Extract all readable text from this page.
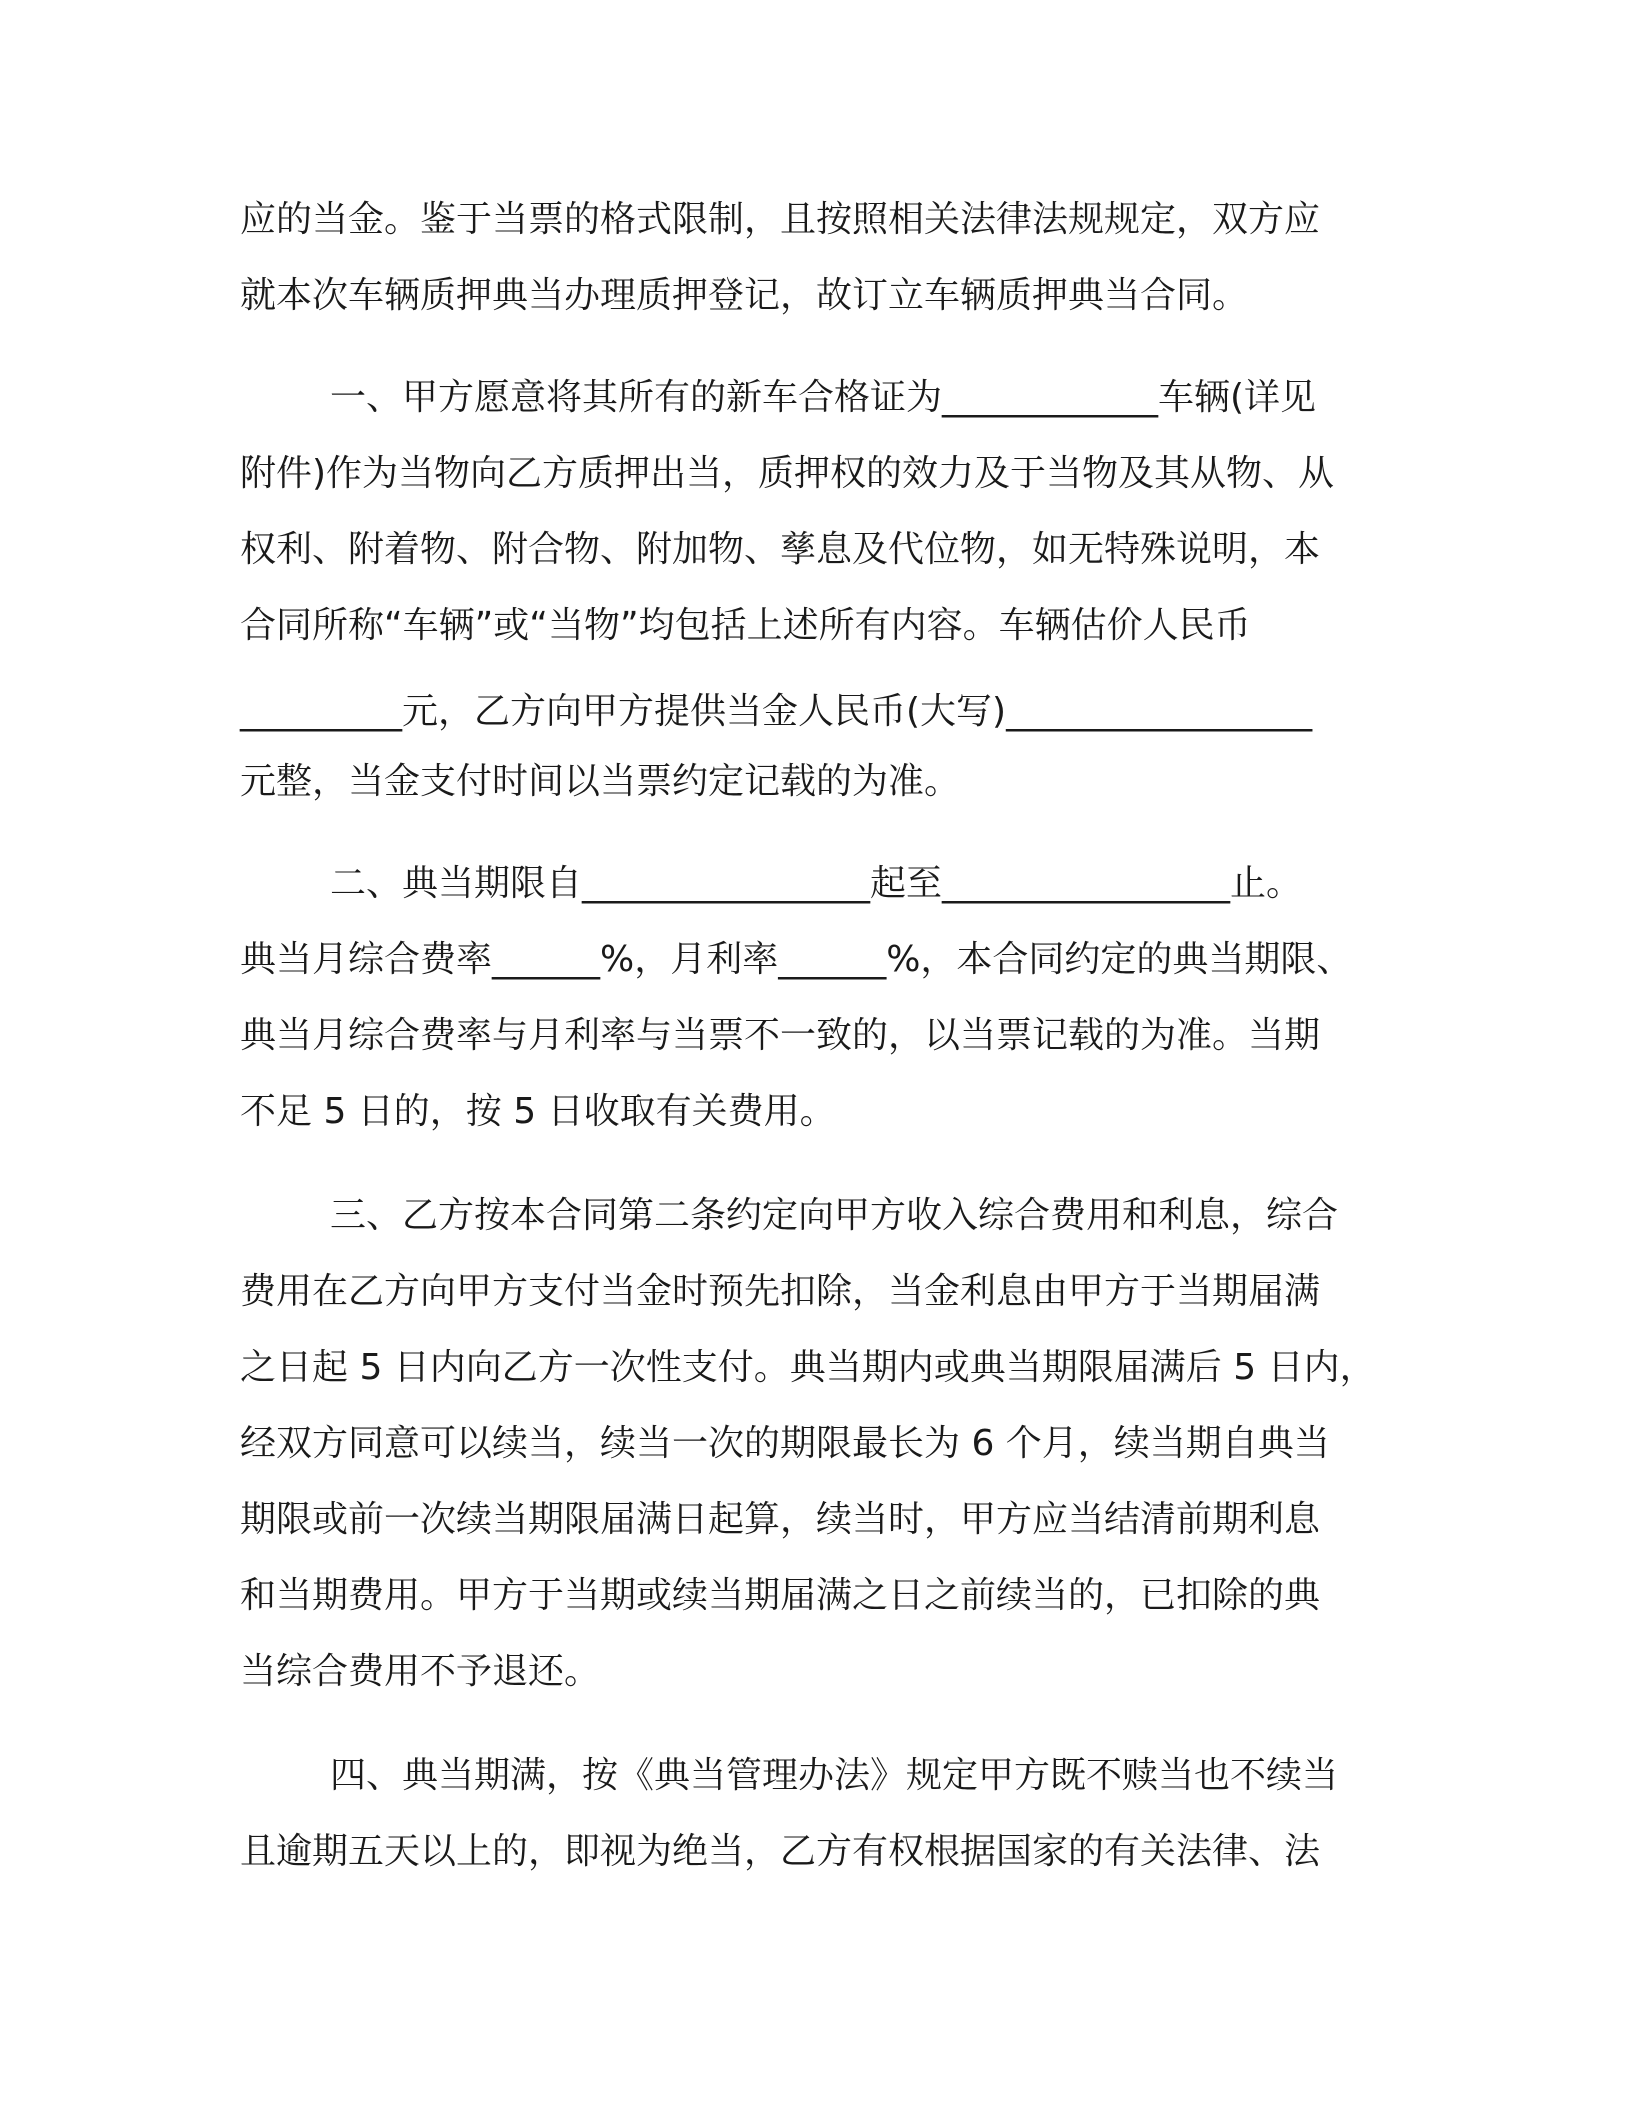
应的当金。鉴于当票的格式限制，且按照相关法律法规规定，双方应
就本次车辆质押典当办理质押登记，故订立车辆质押典当合同。
一、甲方愿意将其所有的新车合格证为____________车辆(详见
附件)作为当物向乙方质押出当，质押权的效力及于当物及其从物、从
权利、附着物、附合物、附加物、孳息及代位物，如无特殊说明，本
合同所称“车辆”或“当物”均包括上述所有内容。车辆估价人民币
_________元，乙方向甲方提供当金人民币(大写)_________________
元整，当金支付时间以当票约定记载的为准。
二、典当期限自________________起至________________止。
典当月综合费率______%，月利率______%，本合同约定的典当期限、
典当月综合费率与月利率与当票不一致的，以当票记载的为准。当期
不足 5 日的，按 5 日收取有关费用。
三、乙方按本合同第二条约定向甲方收入综合费用和利息，综合
费用在乙方向甲方支付当金时预先扣除，当金利息由甲方于当期届满
之日起 5 日内向乙方一次性支付。典当期内或典当期限届满后 5 日内，
经双方同意可以续当，续当一次的期限最长为 6 个月，续当期自典当
期限或前一次续当期限届满日起算，续当时，甲方应当结清前期利息
和当期费用。甲方于当期或续当期届满之日之前续当的，已扣除的典
当综合费用不予退还。
四、典当期满，按《典当管理办法》规定甲方既不赎当也不续当
且逾期五天以上的，即视为绝当，乙方有权根据国家的有关法律、法
